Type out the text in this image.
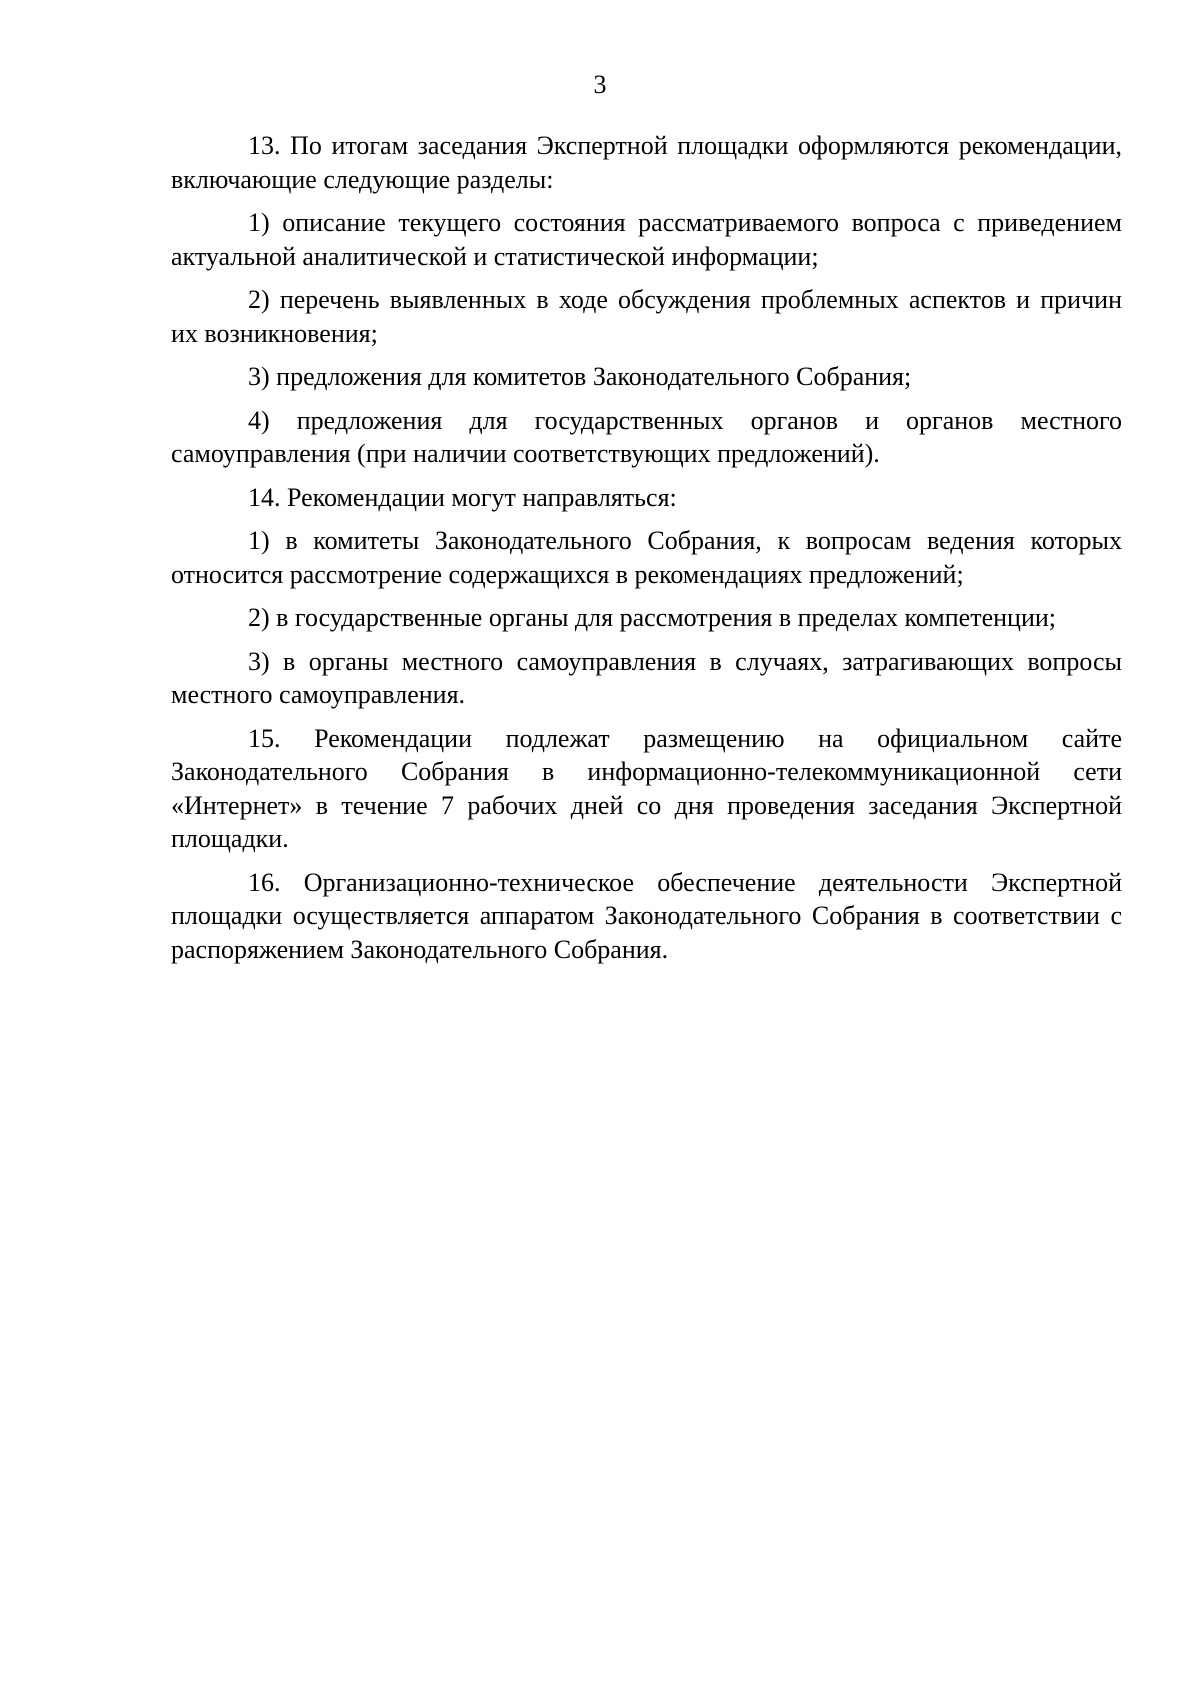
3

13. По итогам заседания Экспертной площадки оформляются рекомендации, включающие следующие разделы:

1) описание текущего состояния рассматриваемого вопроса с приведением актуальной аналитической и статистической информации;

2) перечень выявленных в ходе обсуждения проблемных аспектов и причин их возникновения;

3) предложения для комитетов Законодательного Собрания;

4) предложения для государственных органов и органов местного самоуправления (при наличии соответствующих предложений).

14. Рекомендации могут направляться:

1) в комитеты Законодательного Собрания, к вопросам ведения которых относится рассмотрение содержащихся в рекомендациях предложений;

2) в государственные органы для рассмотрения в пределах компетенции;

3) в органы местного самоуправления в случаях, затрагивающих вопросы местного самоуправления.

15. Рекомендации подлежат размещению на официальном сайте Законодательного Собрания в информационно-телекоммуникационной сети «Интернет» в течение 7 рабочих дней со дня проведения заседания Экспертной площадки.

16. Организационно-техническое обеспечение деятельности Экспертной площадки осуществляется аппаратом Законодательного Собрания в соответствии с распоряжением Законодательного Собрания.
